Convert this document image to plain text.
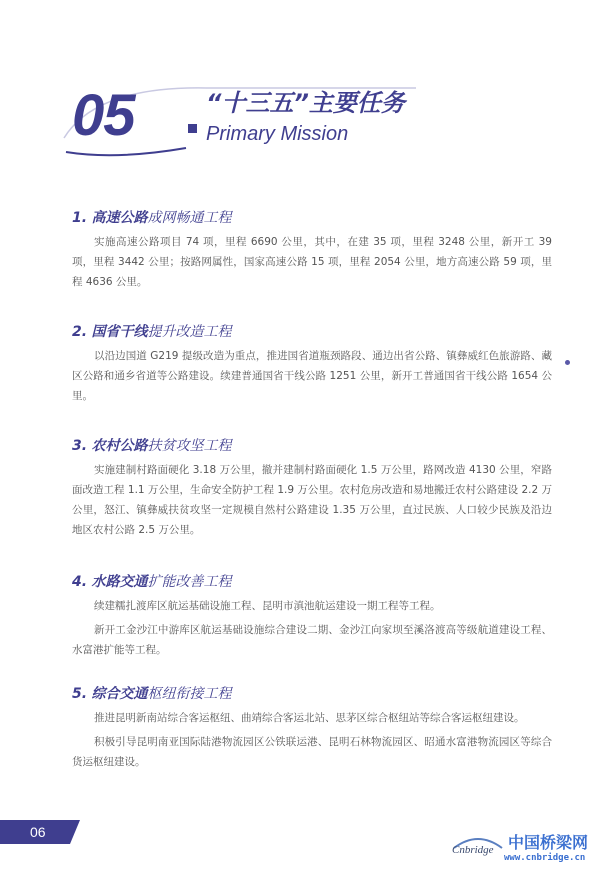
05	“十三五”主要任务
Primary Mission
1. 高速公路成网畅通工程

实施高速公路项目 74 项，里程 6690 公里，其中，在建 35 项，里程 3248 公里，新开工 39 项，里程 3442 公里；按路网属性，国家高速公路 15 项，里程 2054 公里，地方高速公路 59 项，里程 4636 公里。

2. 国省干线提升改造工程

以沿边国道 G219 提级改造为重点，推进国省道瓶颈路段、通边出省公路、镇彝威红色旅游路、藏区公路和通乡省道等公路建设。续建普通国省干线公路 1251 公里，新开工普通国省干线公路 1654 公里。

3. 农村公路扶贫攻坚工程

实施建制村路面硬化 3.18 万公里，撤并建制村路面硬化 1.5 万公里，路网改造 4130 公里，窄路面改造工程 1.1 万公里，生命安全防护工程 1.9 万公里。农村危房改造和易地搬迁农村公路建设 2.2 万公里，怒江、镇彝威扶贫攻坚一定规模自然村公路建设 1.35 万公里，直过民族、人口较少民族及沿边地区农村公路 2.5 万公里。

4. 水路交通扩能改善工程

续建糯扎渡库区航运基础设施工程、昆明市滇池航运建设一期工程等工程。

新开工金沙江中游库区航运基础设施综合建设二期、金沙江向家坝至溪洛渡高等级航道建设工程、水富港扩能等工程。

5. 综合交通枢纽衔接工程

推进昆明新南站综合客运枢纽、曲靖综合客运北站、思茅区综合枢纽站等综合客运枢纽建设。

积极引导昆明南亚国际陆港物流园区公铁联运港、昆明石林物流园区、昭通水富港物流园区等综合货运枢纽建设。

06
Cnbridge 中国桥梁网
www.cnbridge.cn
